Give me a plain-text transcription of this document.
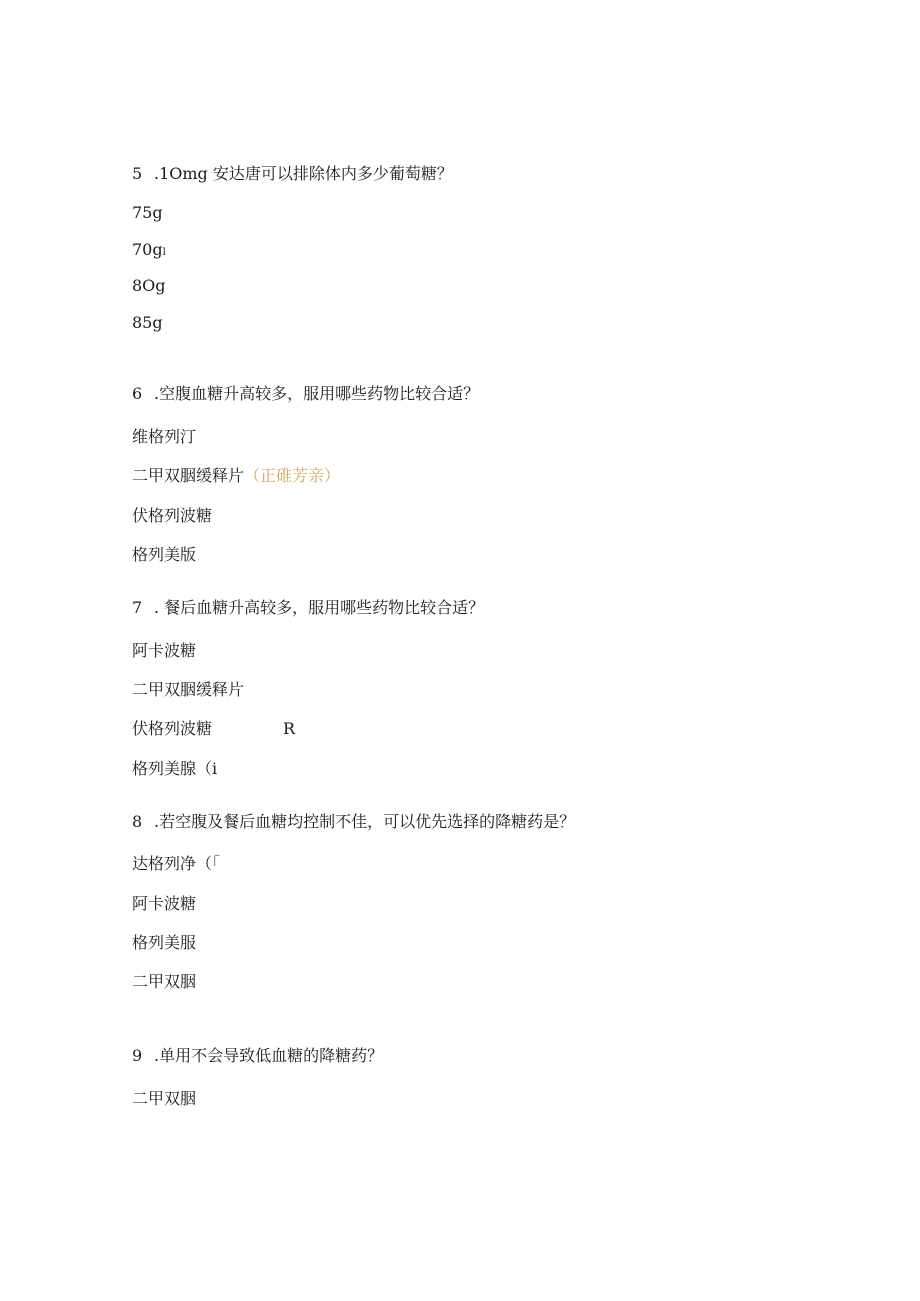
5 .1Omg 安达唐可以排除体内多少葡萄糖？
75g
70gl
8Og
85g
6 .空腹血糖升高较多，服用哪些药物比较合适？
维格列汀
二甲双胭缓释片（正碓芳亲）
伏格列波糖
格列美版
7 . 餐后血糖升高较多，服用哪些药物比较合适？
阿卡波糖
二甲双胭缓释片
伏格列波糖	R
格列美腺（i
8 .若空腹及餐后血糖均控制不佳，可以优先选择的降糖药是？
达格列净（「
阿卡波糖
格列美服
二甲双胭
9 .单用不会导致低血糖的降糖药？
二甲双胭
